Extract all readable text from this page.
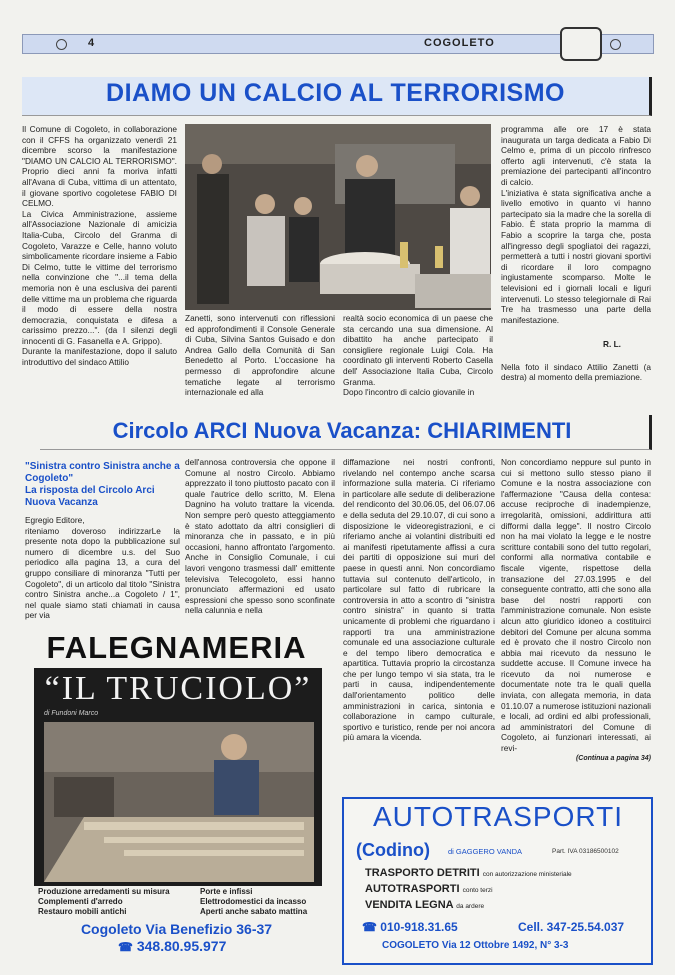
4	COGOLETO
DIAMO UN CALCIO AL TERRORISMO

Il Comune di Cogoleto, in collaborazione con il CFFS ha organizzato venerdì 21 dicembre scorso la manifestazione "DIAMO UN CALCIO AL TERRORISMO". Proprio dieci anni fa moriva infatti all'Avana di Cuba, vittima di un attentato, il giovane sportivo cogoletese FABIO DI CELMO.

La Civica Amministrazione, assieme all'Associazione Nazionale di amicizia Italia-Cuba, Circolo del Granma di Cogoleto, Varazze e Celle, hanno voluto simbolicamente ricordare insieme a Fabio Di Celmo, tutte le vittime del terrorismo nella convinzione che "...il tema della memoria non è una esclusiva dei parenti delle vittime ma un problema che riguarda il modo di essere della nostra democrazia, conquistata e difesa a carissimo prezzo...". (da I silenzi degli innocenti di G. Fasanella e A. Grippo).

Durante la manifestazione, dopo il saluto introduttivo del sindaco Attilio

Zanetti, sono intervenuti con riflessioni ed approfondimenti il Console Generale di Cuba, Silvina Santos Guisado e don Andrea Gallo della Comunità di San Benedetto al Porto. L'occasione ha permesso di approfondire alcune tematiche legate al terrorismo internazionale ed alla

realtà socio economica di un paese che sta cercando una sua dimensione. Al dibattito ha anche partecipato il consigliere regionale Luigi Cola. Ha coordinato gli interventi Roberto Casella dell' Associazione Italia Cuba, Circolo Granma.

Dopo l'incontro di calcio giovanile in

programma alle ore 17 è stata inaugurata un targa dedicata a Fabio Di Celmo e, prima di un piccolo rinfresco offerto agli intervenuti, c'è stata la premiazione dei partecipanti all'incontro di calcio.

L'iniziativa è stata significativa anche a livello emotivo in quanto vi hanno partecipato sia la madre che la sorella di Fabio. È stata proprio la mamma di Fabio a scoprire la targa che, posta all'ingresso degli spogliatoi dei ragazzi, permetterà a tutti i nostri giovani sportivi di ricordare il loro compagno ingiustamente scomparso. Molte le televisioni ed i giornali locali e liguri intervenuti. Lo stesso telegiornale di Rai Tre ha trasmesso una parte della manifestazione.

R. L.

Nella foto il sindaco Attilio Zanetti (a destra) al momento della premiazione.

Circolo ARCI Nuova Vacanza: CHIARIMENTI
"Sinistra contro Sinistra anche a Cogoleto"
La risposta del Circolo Arci Nuova Vacanza

Egregio Editore,

riteniamo doveroso indirizzarLe la presente nota dopo la pubblicazione sul numero di dicembre u.s. del Suo periodico alla pagina 13, a cura del gruppo consiliare di minoranza "Tutti per Cogoleto", di un articolo dal titolo "Sinistra contro Sinistra anche...a Cogoleto / 1", nel quale siamo stati chiamati in causa per via

dell'annosa controversia che oppone il Comune al nostro Circolo. Abbiamo apprezzato il tono piuttosto pacato con il quale l'autrice dello scritto, M. Elena Dagnino ha voluto trattare la vicenda. Non sempre però questo atteggiamento è stato adottato da altri consiglieri di minoranza che in passato, e in più occasioni, hanno affrontato l'argomento. Anche in Consiglio Comunale, i cui lavori vengono trasmessi dall' emittente televisiva Telecogoleto, essi hanno pronunciato affermazioni ed usato espressioni che spesso sono sconfinate nella calunnia e nella

diffamazione nei nostri confronti, rivelando nel contempo anche scarsa informazione sulla materia. Ci riferiamo in particolare alle sedute di deliberazione del rendiconto del 30.06.05, del 06.07.06 e della seduta del 29.10.07, di cui sono a disposizione le videoregistrazioni, e ci riferiamo anche ai volantini distribuiti ed ai manifesti ripetutamente affissi a cura dei partiti di opposizione sui muri del paese in questi anni. Non concordiamo tuttavia sul contenuto dell'articolo, in particolare sul fatto di rubricare la controversia in atto a scontro di "sinistra contro sinistra" in quanto si tratta unicamente di problemi che riguardano i rapporti tra una amministrazione comunale ed una associazione culturale e del tempo libero democratica e apartitica. Tuttavia proprio la circostanza che per lungo tempo vi sia stata, tra le parti in causa, indipendentemente dall'orientamento politico delle amministrazioni in carica, sintonia e collaborazione in campo culturale, sportivo e turistico, rende per noi ancora più amara la vicenda.

Non concordiamo neppure sul punto in cui si mettono sullo stesso piano il Comune e la nostra associazione con l'affermazione "Causa della contesa: accuse reciproche di inadempienze, irregolarità, omissioni, addirittura atti difformi dalla legge". Il nostro Circolo non ha mai violato la legge e le nostre scritture contabili sono del tutto regolari, conformi alla normativa contabile e fiscale vigente, rispettose della transazione del 27.03.1995 e del conseguente contratto, atti che sono alla base del nostri rapporti con l'amministrazione comunale. Non esiste alcun atto giuridico idoneo a costituirci debitori del Comune per alcuna somma ed è provato che il nostro Circolo non abbia mai ricevuto da nessuno le suddette accuse. Il Comune invece ha ricevuto da noi numerose e documentate note tra le quali quella inviata, con allegata memoria, in data 01.10.07 a numerose istituzioni nazionali e locali, ad ordini ed albi professionali, ad amministratori del Comune di Cogoleto, ai funzionari interessati, ai revi-

(Continua a pagina 34)

FALEGNAMERIA
“IL TRUCIOLO”
di Fundoni Marco
Produzione arredamenti su misura
Complementi d'arredo
Restauro mobili antichi
Porte e infissi
Elettrodomestici da incasso
Aperti anche sabato mattina
Cogoleto Via Benefizio 36-37
☎ 348.80.95.977
AUTOTRASPORTI
(Codino) di GAGGERO VANDA	Part. IVA 03186500102
TRASPORTO DETRITI con autorizzazione ministeriale
AUTOTRASPORTI conto terzi
VENDITA LEGNA da ardere
☎ 010-918.31.65	Cell. 347-25.54.037
COGOLETO Via 12 Ottobre 1492, N° 3-3
